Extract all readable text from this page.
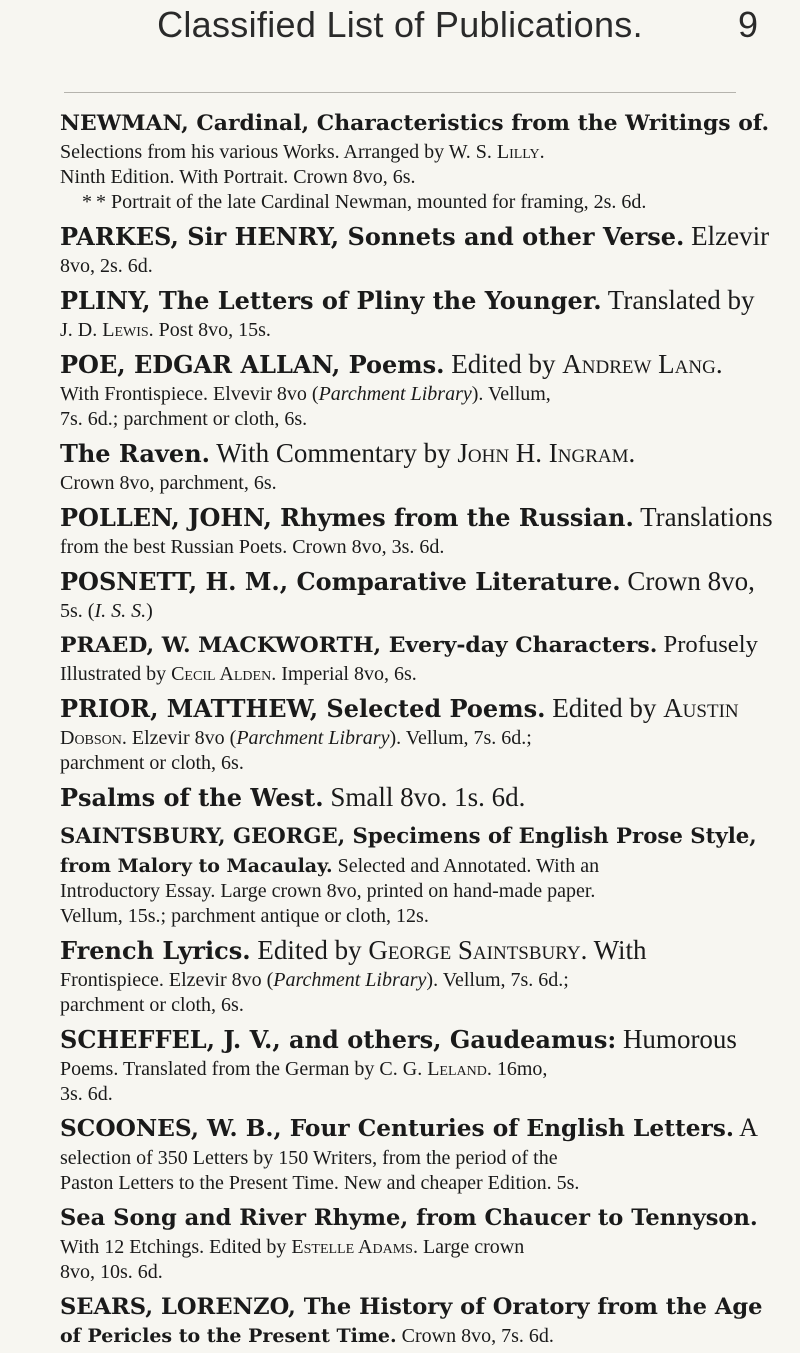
Classified List of Publications.	9
NEWMAN, Cardinal, Characteristics from the Writings of.
Selections from his various Works. Arranged by W. S. Lilly.
Ninth Edition. With Portrait. Crown 8vo, 6s.
* * Portrait of the late Cardinal Newman, mounted for framing, 2s. 6d.
PARKES, Sir HENRY, Sonnets and other Verse. Elzevir
8vo, 2s. 6d.
PLINY, The Letters of Pliny the Younger. Translated by
J. D. Lewis. Post 8vo, 15s.
POE, EDGAR ALLAN, Poems. Edited by Andrew Lang.
With Frontispiece. Elvevir 8vo (Parchment Library). Vellum,
7s. 6d.; parchment or cloth, 6s.
The Raven. With Commentary by John H. Ingram.
Crown 8vo, parchment, 6s.
POLLEN, JOHN, Rhymes from the Russian. Translations
from the best Russian Poets. Crown 8vo, 3s. 6d.
POSNETT, H. M., Comparative Literature. Crown 8vo,
5s. (I. S. S.)
PRAED, W. MACKWORTH, Every-day Characters. Profusely
Illustrated by Cecil Alden. Imperial 8vo, 6s.
PRIOR, MATTHEW, Selected Poems. Edited by Austin
Dobson. Elzevir 8vo (Parchment Library). Vellum, 7s. 6d.;
parchment or cloth, 6s.
Psalms of the West. Small 8vo. 1s. 6d.
SAINTSBURY, GEORGE, Specimens of English Prose Style,
from Malory to Macaulay. Selected and Annotated. With an
Introductory Essay. Large crown 8vo, printed on hand-made paper.
Vellum, 15s.; parchment antique or cloth, 12s.
French Lyrics. Edited by George Saintsbury. With
Frontispiece. Elzevir 8vo (Parchment Library). Vellum, 7s. 6d.;
parchment or cloth, 6s.
SCHEFFEL, J. V., and others, Gaudeamus: Humorous
Poems. Translated from the German by C. G. Leland. 16mo,
3s. 6d.
SCOONES, W. B., Four Centuries of English Letters. A
selection of 350 Letters by 150 Writers, from the period of the
Paston Letters to the Present Time. New and cheaper Edition. 5s.
Sea Song and River Rhyme, from Chaucer to Tennyson.
With 12 Etchings. Edited by Estelle Adams. Large crown
8vo, 10s. 6d.
SEARS, LORENZO, The History of Oratory from the Age
of Pericles to the Present Time. Crown 8vo, 7s. 6d.
